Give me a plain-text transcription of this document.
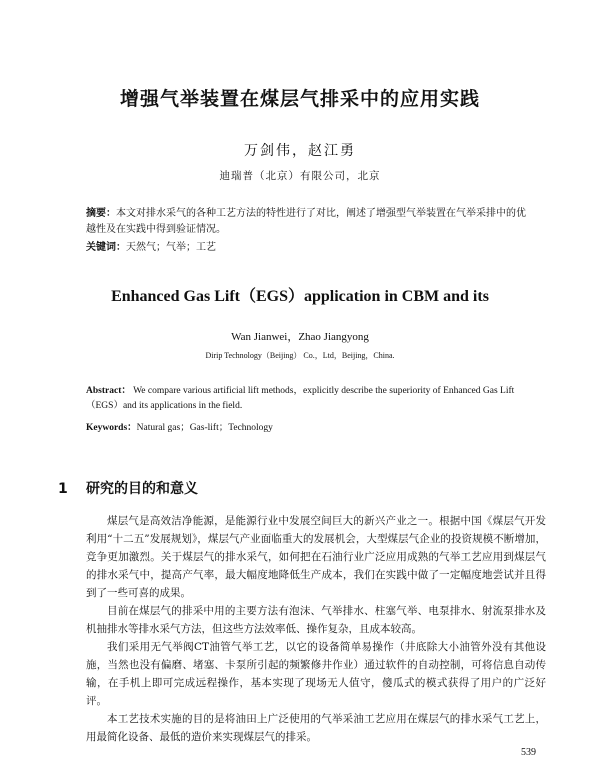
增强气举装置在煤层气排采中的应用实践
万剑伟，赵江勇
迪瑞普（北京）有限公司，北京
摘要：本文对排水采气的各种工艺方法的特性进行了对比，阐述了增强型气举装置在气举采排中的优越性及在实践中得到验证情况。
关键词：天然气；气举；工艺
Enhanced Gas Lift（EGS）application in CBM and its
Wan Jianwei，Zhao Jiangyong
Dirip Technology（Beijing） Co.，Ltd，Beijing，China.
Abstract： We compare various artificial lift methods，explicitly describe the superiority of Enhanced Gas Lift（EGS）and its applications in the field.
Keywords：Natural gas；Gas-lift；Technology
1 研究的目的和意义

煤层气是高效洁净能源，是能源行业中发展空间巨大的新兴产业之一。根据中国《煤层气开发利用“十二五”发展规划》，煤层气产业面临重大的发展机会，大型煤层气企业的投资规模不断增加，竞争更加激烈。关于煤层气的排水采气，如何把在石油行业广泛应用成熟的气举工艺应用到煤层气的排水采气中，提高产气率，最大幅度地降低生产成本，我们在实践中做了一定幅度地尝试并且得到了一些可喜的成果。

目前在煤层气的排采中用的主要方法有泡沫、气举排水、柱塞气举、电泵排水、射流泵排水及机抽排水等排水采气方法，但这些方法效率低、操作复杂，且成本较高。

我们采用无气举阀CT油管气举工艺，以它的设备简单易操作（井底除大小油管外没有其他设施，当然也没有偏磨、堵塞、卡泵所引起的频繁修井作业）通过软件的自动控制，可将信息自动传输，在手机上即可完成远程操作，基本实现了现场无人值守，傻瓜式的模式获得了用户的广泛好评。

本工艺技术实施的目的是将油田上广泛使用的气举采油工艺应用在煤层气的排水采气工艺上，用最简化设备、最低的造价来实现煤层气的排采。

539
